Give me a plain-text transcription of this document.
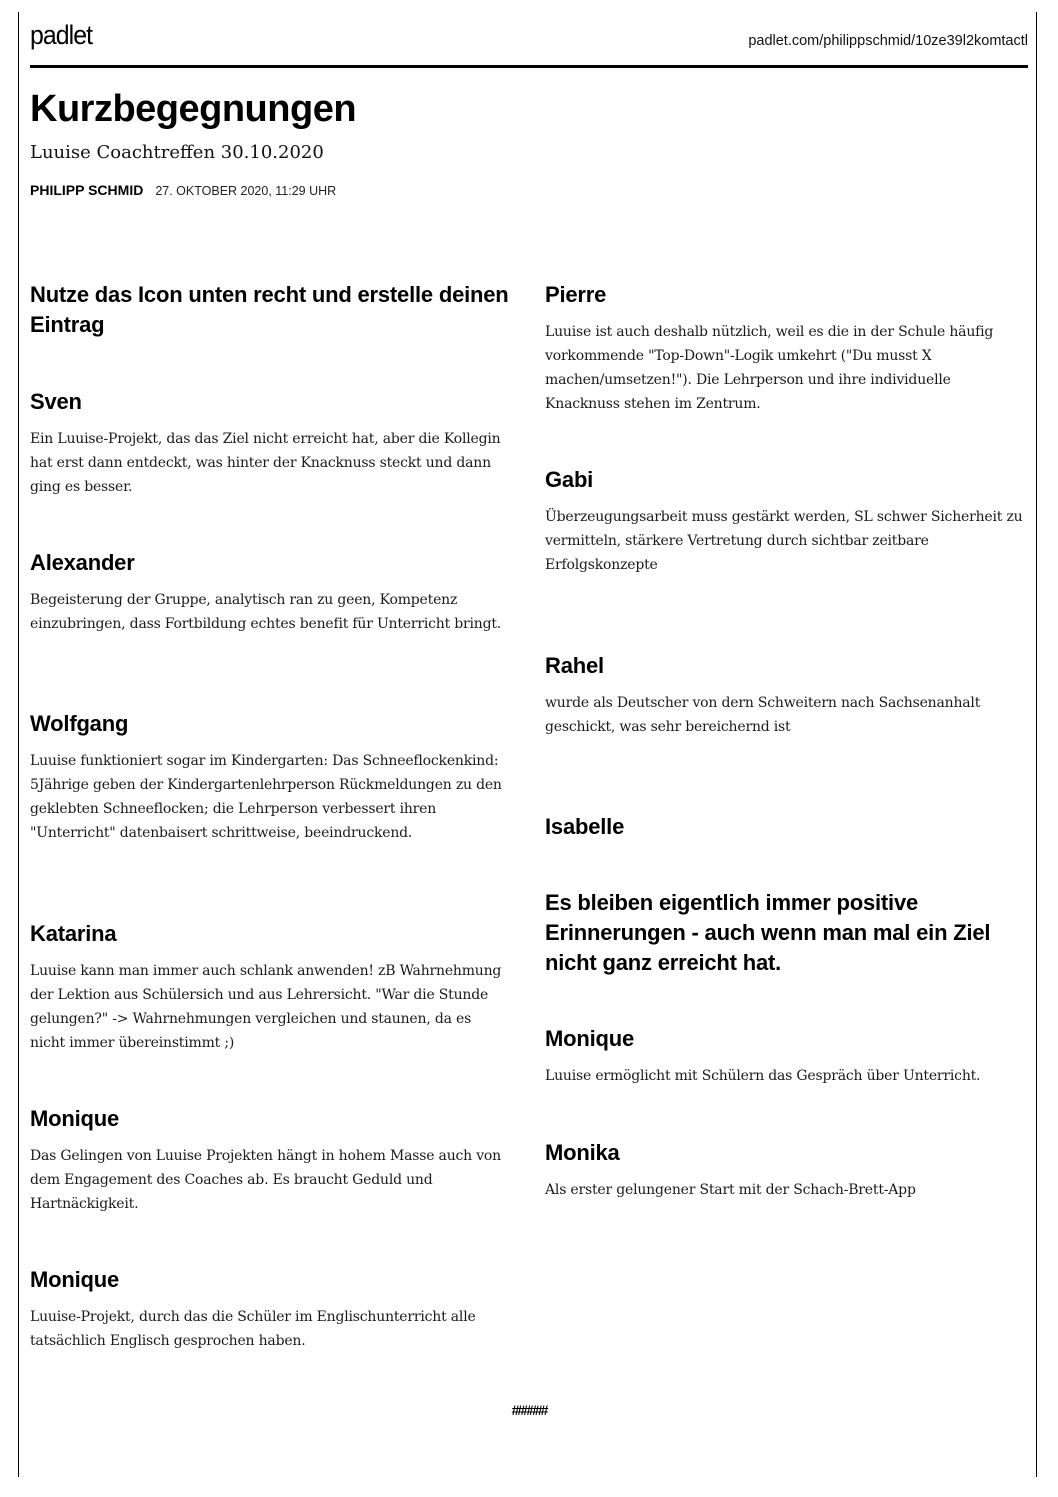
padlet	padlet.com/philippschmid/10ze39l2komtactl
Kurzbegegnungen
Luuise Coachtreffen 30.10.2020
PHILIPP SCHMID 27. OKTOBER 2020, 11:29 UHR
Nutze das Icon unten recht und erstelle deinen Eintrag
Sven

Ein Luuise-Projekt, das das Ziel nicht erreicht hat, aber die Kollegin hat erst dann entdeckt, was hinter der Knacknuss steckt und dann ging es besser.

Alexander

Begeisterung der Gruppe, analytisch ran zu geen, Kompetenz einzubringen, dass Fortbildung echtes benefit für Unterricht bringt.

Wolfgang

Luuise funktioniert sogar im Kindergarten: Das Schneeflockenkind: 5Jährige geben der Kindergartenlehrperson Rückmeldungen zu den geklebten Schneeflocken; die Lehrperson verbessert ihren "Unterricht" datenbaisert schrittweise, beeindruckend.

Katarina

Luuise kann man immer auch schlank anwenden! zB Wahrnehmung der Lektion aus Schülersich und aus Lehrersicht. "War die Stunde gelungen?" -> Wahrnehmungen vergleichen und staunen, da es nicht immer übereinstimmt ;)

Monique

Das Gelingen von Luuise Projekten hängt in hohem Masse auch von dem Engagement des Coaches ab. Es braucht Geduld und Hartnäckigkeit.

Monique

Luuise-Projekt, durch das die Schüler im Englischunterricht alle tatsächlich Englisch gesprochen haben.

Pierre

Luuise ist auch deshalb nützlich, weil es die in der Schule häufig vorkommende "Top-Down"-Logik umkehrt ("Du musst X machen/umsetzen!"). Die Lehrperson und ihre individuelle Knacknuss stehen im Zentrum.

Gabi

Überzeugungsarbeit muss gestärkt werden, SL schwer Sicherheit zu vermitteln, stärkere Vertretung durch sichtbar zeitbare Erfolgskonzepte

Rahel

wurde als Deutscher von dern Schweitern nach Sachsenanhalt geschickt, was sehr bereichernd ist

Isabelle
Es bleiben eigentlich immer positive Erinnerungen - auch wenn man mal ein Ziel nicht ganz erreicht hat.
Monique

Luuise ermöglicht mit Schülern das Gespräch über Unterricht.

Monika

Als erster gelungener Start mit der Schach-Brett-App

######
